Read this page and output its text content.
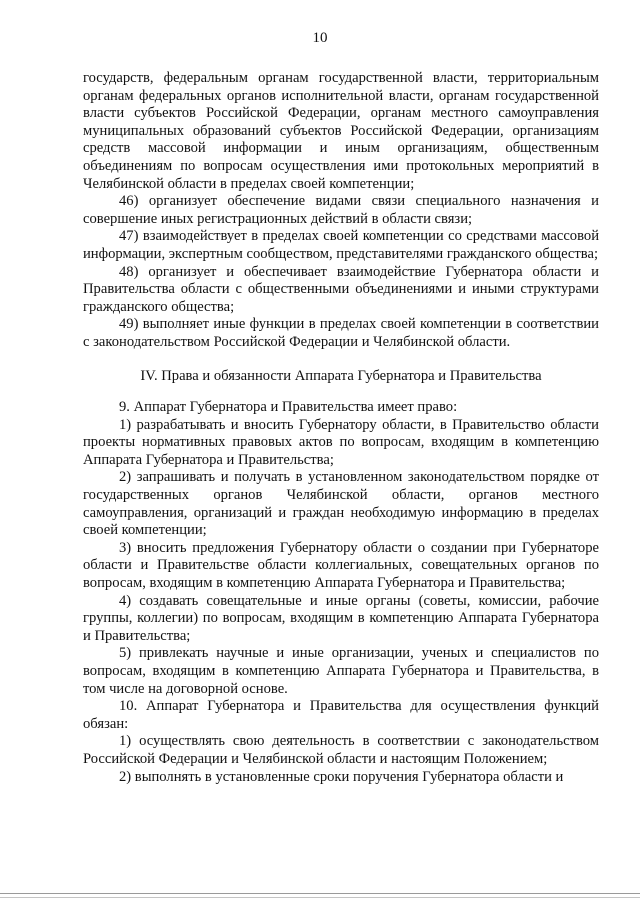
10

государств, федеральным органам государственной власти, территориальным органам федеральных органов исполнительной власти, органам государственной власти субъектов Российской Федерации, органам местного самоуправления муниципальных образований субъектов Российской Федерации, организациям средств массовой информации и иным организациям, общественным объединениям по вопросам осуществления ими протокольных мероприятий в Челябинской области в пределах своей компетенции;

46) организует обеспечение видами связи специального назначения и совершение иных регистрационных действий в области связи;

47) взаимодействует в пределах своей компетенции со средствами массовой информации, экспертным сообществом, представителями гражданского общества;

48) организует и обеспечивает взаимодействие Губернатора области и Правительства области с общественными объединениями и иными структурами гражданского общества;

49) выполняет иные функции в пределах своей компетенции в соответствии с законодательством Российской Федерации и Челябинской области.

IV. Права и обязанности Аппарата Губернатора и Правительства

9. Аппарат Губернатора и Правительства имеет право:

1) разрабатывать и вносить Губернатору области, в Правительство области проекты нормативных правовых актов по вопросам, входящим в компетенцию Аппарата Губернатора и Правительства;

2) запрашивать и получать в установленном законодательством порядке от государственных органов Челябинской области, органов местного самоуправления, организаций и граждан необходимую информацию в пределах своей компетенции;

3) вносить предложения Губернатору области о создании при Губернаторе области и Правительстве области коллегиальных, совещательных органов по вопросам, входящим в компетенцию Аппарата Губернатора и Правительства;

4) создавать совещательные и иные органы (советы, комиссии, рабочие группы, коллегии) по вопросам, входящим в компетенцию Аппарата Губернатора и Правительства;

5) привлекать научные и иные организации, ученых и специалистов по вопросам, входящим в компетенцию Аппарата Губернатора и Правительства, в том числе на договорной основе.

10. Аппарат Губернатора и Правительства для осуществления функций обязан:

1) осуществлять свою деятельность в соответствии с законодательством Российской Федерации и Челябинской области и настоящим Положением;

2) выполнять в установленные сроки поручения Губернатора области и
